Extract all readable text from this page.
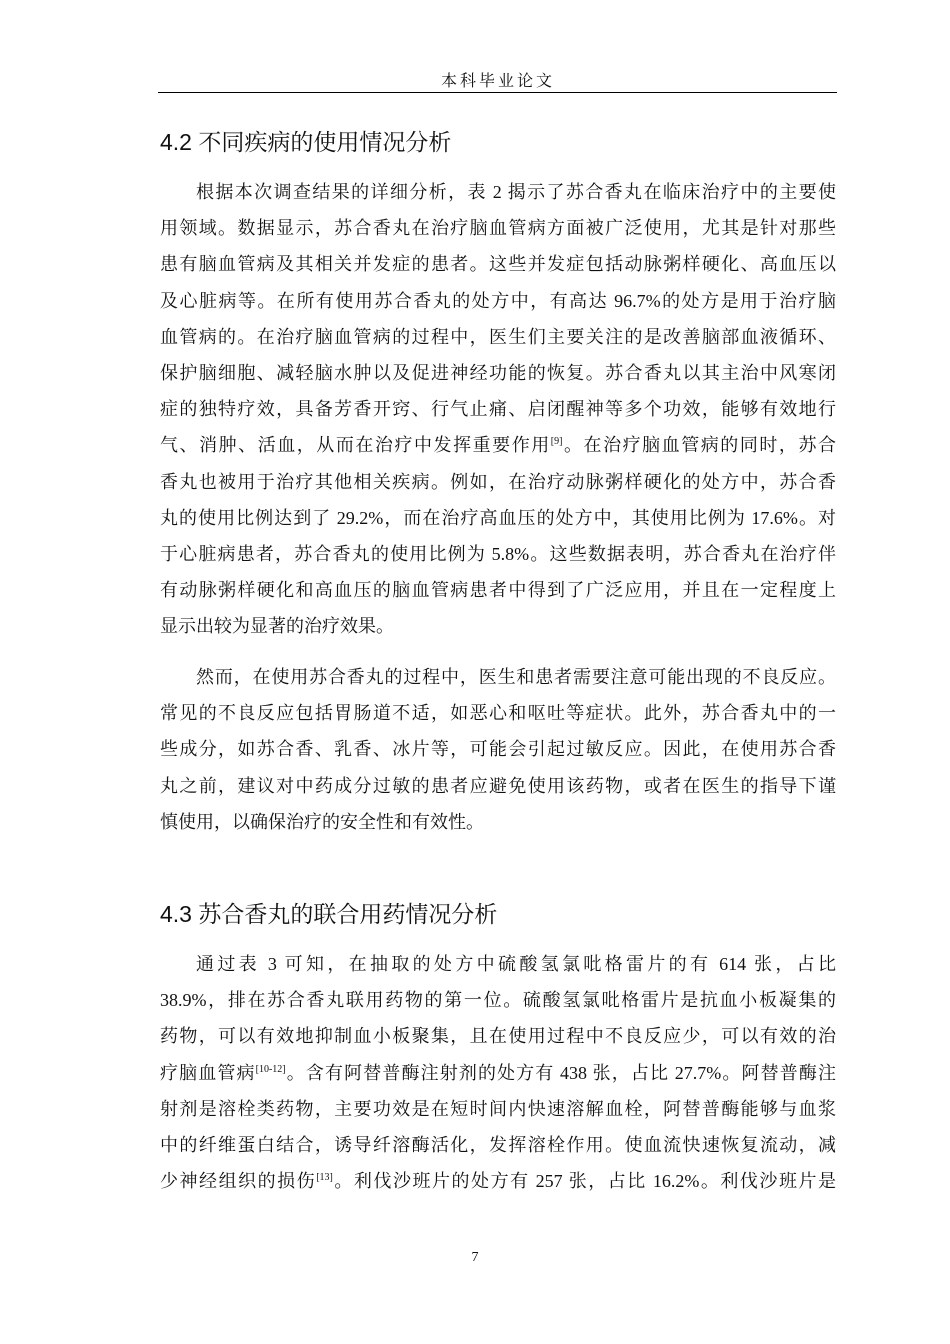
本科毕业论文
4.2 不同疾病的使用情况分析
根据本次调查结果的详细分析，表 2 揭示了苏合香丸在临床治疗中的主要使
用领域。数据显示，苏合香丸在治疗脑血管病方面被广泛使用，尤其是针对那些
患有脑血管病及其相关并发症的患者。这些并发症包括动脉粥样硬化、高血压以
及心脏病等。在所有使用苏合香丸的处方中，有高达 96.7%的处方是用于治疗脑
血管病的。在治疗脑血管病的过程中，医生们主要关注的是改善脑部血液循环、
保护脑细胞、减轻脑水肿以及促进神经功能的恢复。苏合香丸以其主治中风寒闭
症的独特疗效，具备芳香开窍、行气止痛、启闭醒神等多个功效，能够有效地行
气、消肿、活血，从而在治疗中发挥重要作用[9]。在治疗脑血管病的同时，苏合
香丸也被用于治疗其他相关疾病。例如，在治疗动脉粥样硬化的处方中，苏合香
丸的使用比例达到了 29.2%，而在治疗高血压的处方中，其使用比例为 17.6%。对
于心脏病患者，苏合香丸的使用比例为 5.8%。这些数据表明，苏合香丸在治疗伴
有动脉粥样硬化和高血压的脑血管病患者中得到了广泛应用，并且在一定程度上
显示出较为显著的治疗效果。
然而，在使用苏合香丸的过程中，医生和患者需要注意可能出现的不良反应。
常见的不良反应包括胃肠道不适，如恶心和呕吐等症状。此外，苏合香丸中的一
些成分，如苏合香、乳香、冰片等，可能会引起过敏反应。因此，在使用苏合香
丸之前，建议对中药成分过敏的患者应避免使用该药物，或者在医生的指导下谨
慎使用，以确保治疗的安全性和有效性。
4.3 苏合香丸的联合用药情况分析
通过表 3 可知，在抽取的处方中硫酸氢氯吡格雷片的有 614 张，占比
38.9%，排在苏合香丸联用药物的第一位。硫酸氢氯吡格雷片是抗血小板凝集的
药物，可以有效地抑制血小板聚集，且在使用过程中不良反应少，可以有效的治
疗脑血管病[10-12]。含有阿替普酶注射剂的处方有 438 张，占比 27.7%。阿替普酶注
射剂是溶栓类药物，主要功效是在短时间内快速溶解血栓，阿替普酶能够与血浆
中的纤维蛋白结合，诱导纤溶酶活化，发挥溶栓作用。使血流快速恢复流动，减
少神经组织的损伤[13]。利伐沙班片的处方有 257 张，占比 16.2%。利伐沙班片是
7
